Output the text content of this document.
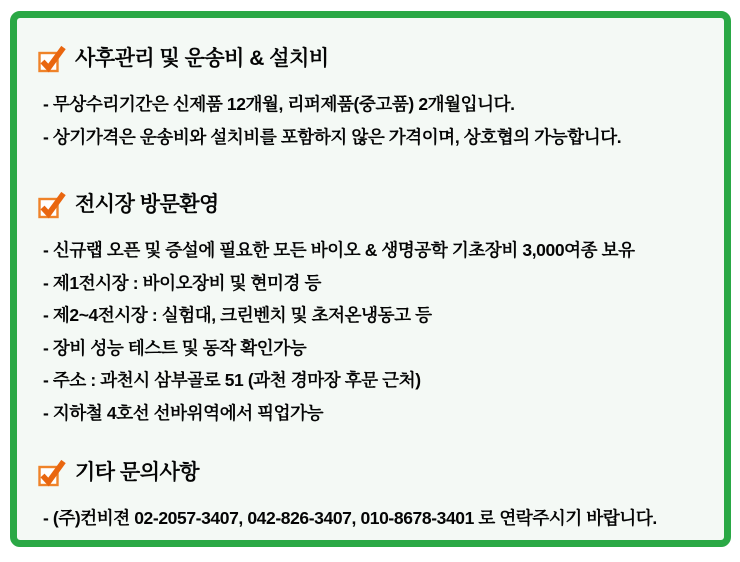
사후관리 및 운송비 & 설치비
- 무상수리기간은 신제품 12개월, 리퍼제품(중고품) 2개월입니다.
- 상기가격은 운송비와 설치비를 포함하지 않은 가격이며, 상호협의 가능합니다.
전시장 방문환영
- 신규랩 오픈 및 증설에 필요한 모든 바이오 & 생명공학 기초장비 3,000여종 보유
- 제1전시장 : 바이오장비 및 현미경 등
- 제2~4전시장 : 실험대, 크린벤치 및 초저온냉동고 등
- 장비 성능 테스트 및 동작 확인가능
- 주소 : 과천시 삼부골로 51 (과천 경마장 후문 근처)
- 지하철 4호선 선바위역에서 픽업가능
기타 문의사항
- (주)컨비젼 02-2057-3407, 042-826-3407, 010-8678-3401 로 연락주시기 바랍니다.
